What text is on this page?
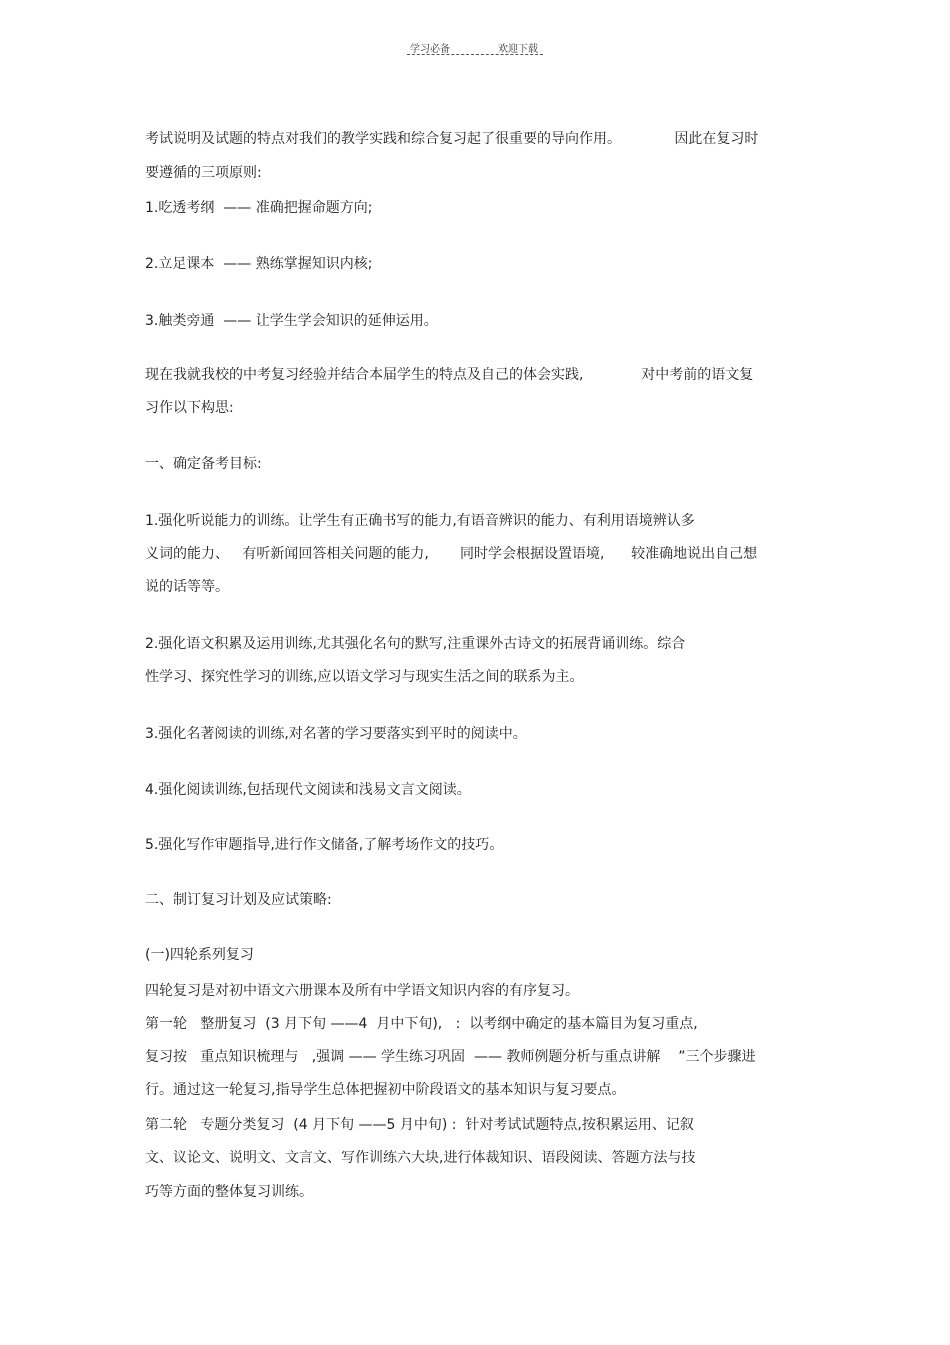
学习必备	欢迎下载
考试说明及试题的特点对我们的教学实践和综合复习起了很重要的导向作用。            因此在复习时
要遵循的三项原则:
1.吃透考纲  —— 准确把握命题方向;
2.立足课本  —— 熟练掌握知识内核;
3.触类旁通  —— 让学生学会知识的延伸运用。
现在我就我校的中考复习经验并结合本届学生的特点及自己的体会实践,             对中考前的语文复
习作以下构思:
一、确定备考目标:
1.强化听说能力的训练。让学生有正确书写的能力,有语音辨识的能力、有利用语境辨认多
义词的能力、   有听新闻回答相关问题的能力,       同时学会根据设置语境,      较准确地说出自己想
说的话等等。
2.强化语文积累及运用训练,尤其强化名句的默写,注重课外古诗文的拓展背诵训练。综合
性学习、探究性学习的训练,应以语文学习与现实生活之间的联系为主。
3.强化名著阅读的训练,对名著的学习要落实到平时的阅读中。
4.强化阅读训练,包括现代文阅读和浅易文言文阅读。
5.强化写作审题指导,进行作文储备,了解考场作文的技巧。
二、制订复习计划及应试策略:
(一)四轮系列复习
四轮复习是对初中语文六册课本及所有中学语文知识内容的有序复习。
第一轮   整册复习  (3 月下旬 ——4  月中下旬),   :  以考纲中确定的基本篇目为复习重点,
复习按   重点知识梳理与   ,强调 —— 学生练习巩固  —— 教师例题分析与重点讲解    ”三个步骤进
行。通过这一轮复习,指导学生总体把握初中阶段语文的基本知识与复习要点。
第二轮   专题分类复习  (4 月下旬 ——5 月中旬) :  针对考试试题特点,按积累运用、记叙
文、议论文、说明文、文言文、写作训练六大块,进行体裁知识、语段阅读、答题方法与技
巧等方面的整体复习训练。
